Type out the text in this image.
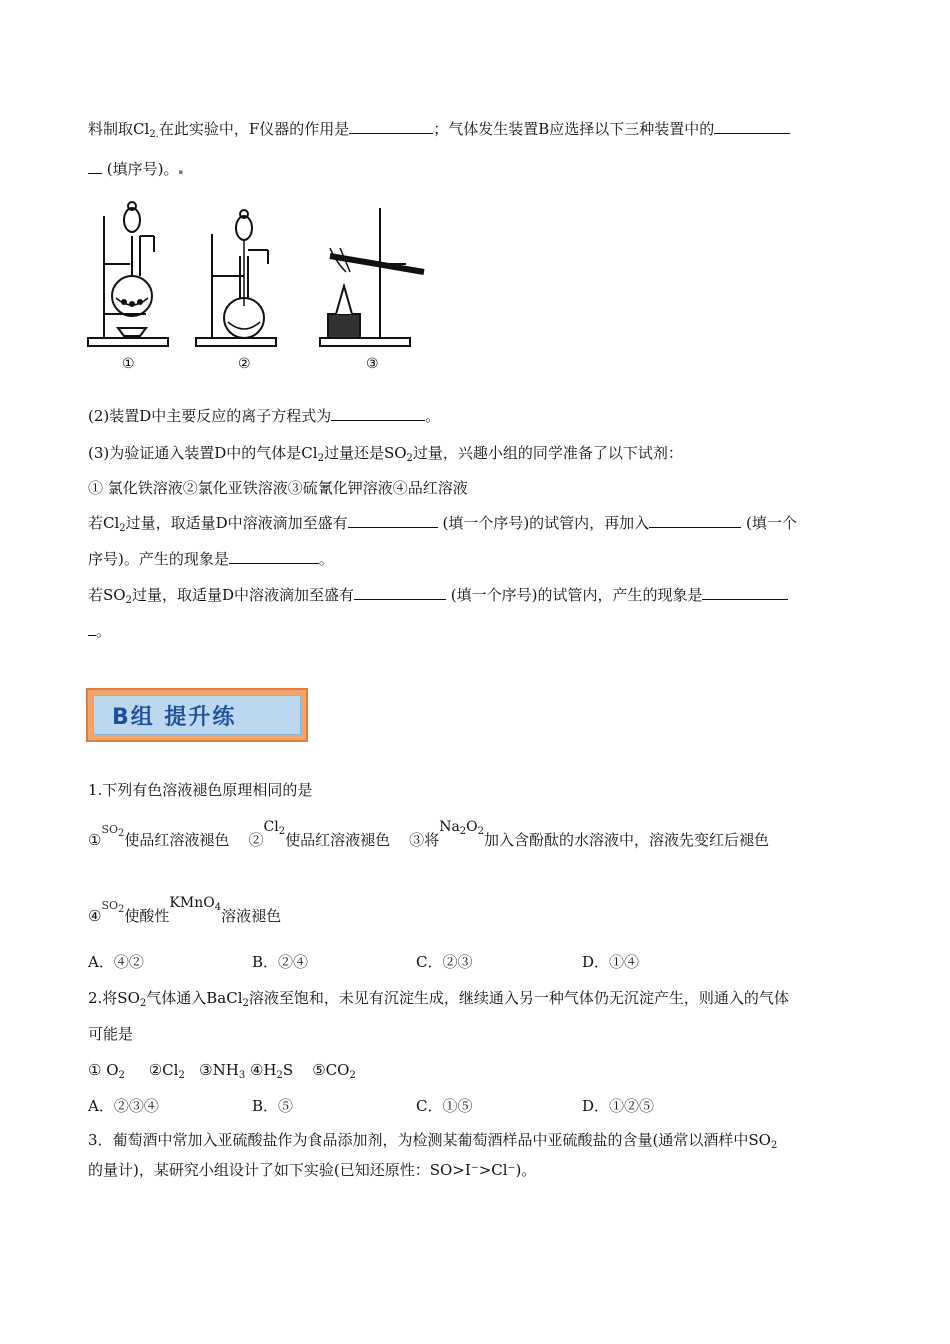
料制取$Cl_{2.}$在此实验中，F仪器的作用是	；气体发生装置B应选择以下三种装置中的
(填序号)。▪
①	②	③
(2)装置D中主要反应的离子方程式为	。
(3)为验证通入装置D中的气体是$Cl_2$过量还是$SO_2$过量，兴趣小组的同学准备了以下试剂：
① 氯化铁溶液②氯化亚铁溶液③硫氰化钾溶液④品红溶液
若$Cl_2$过量，取适量D中溶液滴加至盛有	(填一个序号)的试管内，再加入	(填一个
序号)。产生的现象是	。
若$SO_2$过量，取适量D中溶液滴加至盛有	(填一个序号)的试管内，产生的现象是
。
B组 提升练
1.下列有色溶液褪色原理相同的是
$①SO_2$使品红溶液褪色 $②Cl_2$使品红溶液褪色 ③将$Na_2O_2$加入含酚酞的水溶液中，溶液先变红后褪色
$④SO_2$使酸性KMnO$_4$溶液褪色
A．④②	B．②④	C．②③	D．①④
2.将$SO_2$气体通入BaCl$_2$溶液至饱和，未见有沉淀生成，继续通入另一种气体仍无沉淀产生，则通入的气体
可能是
① $O_2$ $②Cl_2$ $③NH_3$ $④H_2S$ $⑤CO_2$
A．②③④	B．⑤	C．①⑤	D．①②⑤
3．葡萄酒中常加入亚硫酸盐作为食品添加剂，为检测某葡萄酒样品中亚硫酸盐的含量(通常以酒样中$SO_2$
的量计)，某研究小组设计了如下实验(已知还原性：SO>I⁻>Cl⁻)。
